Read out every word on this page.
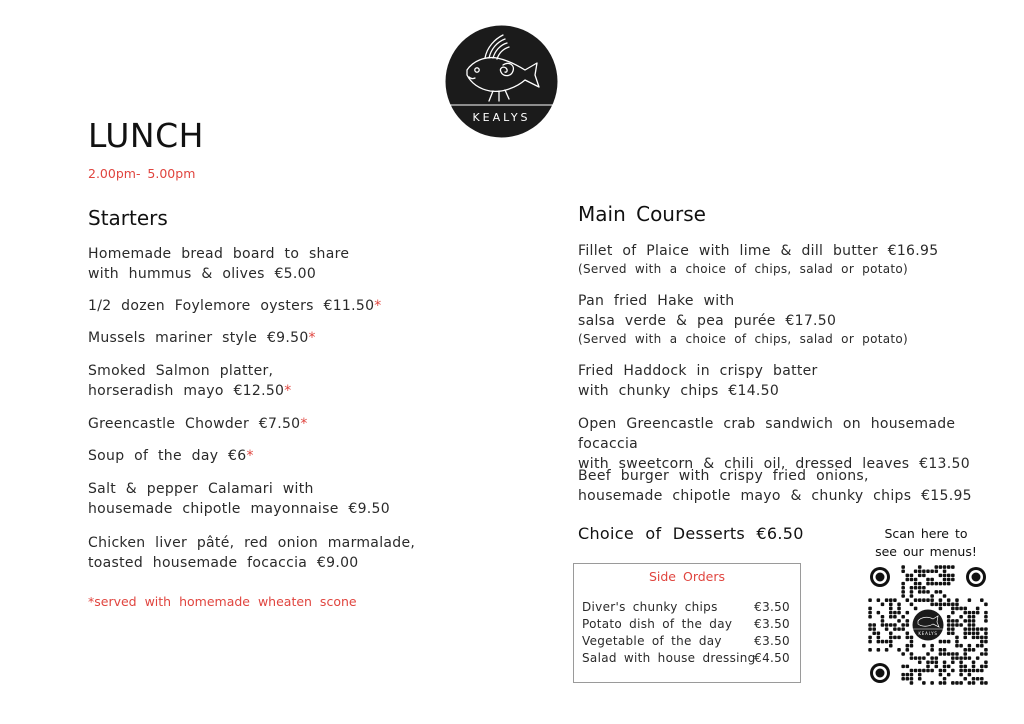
KEALYS
LUNCH
2.00pm- 5.00pm
Starters
Homemade bread board to share
with hummus & olives €5.00
1/2 dozen Foylemore oysters €11.50*
Mussels mariner style €9.50*
Smoked Salmon platter,
horseradish mayo €12.50*
Greencastle Chowder €7.50*
Soup of the day €6*
Salt & pepper Calamari with
housemade chipotle mayonnaise €9.50
Chicken liver pâté, red onion marmalade,
toasted housemade focaccia €9.00
*served with homemade wheaten scone
Main Course
Fillet of Plaice with lime & dill butter €16.95
(Served with a choice of chips, salad or potato)
Pan fried Hake with
salsa verde & pea purée €17.50
(Served with a choice of chips, salad or potato)
Fried Haddock in crispy batter
with chunky chips €14.50
Open Greencastle crab sandwich on housemade focaccia
with sweetcorn & chili oil, dressed leaves €13.50
Beef burger with crispy fried onions,
housemade chipotle mayo & chunky chips €15.95
Choice of Desserts €6.50
Side Orders
Diver's chunky chips	€3.50
Potato dish of the day €3.50
Vegetable of the day	€3.50
Salad with house dressing
€4.50
Scan here to
see our menus!
KEALYS
